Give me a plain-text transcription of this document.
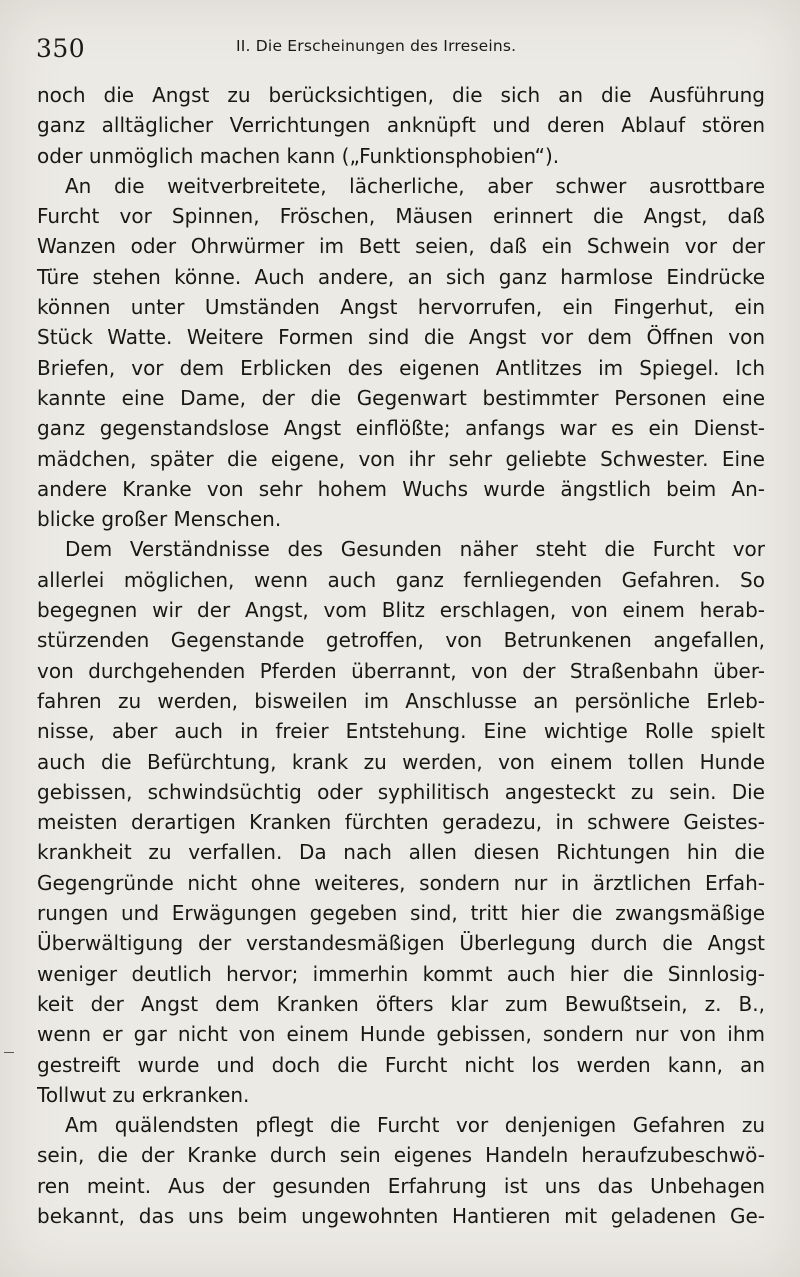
350	II. Die Erscheinungen des Irreseins.
noch die Angst zu berücksichtigen, die sich an die Ausführung
ganz alltäglicher Verrichtungen anknüpft und deren Ablauf stören
oder unmöglich machen kann („Funktionsphobien“).
An die weitverbreitete, lächerliche, aber schwer ausrottbare
Furcht vor Spinnen, Fröschen, Mäusen erinnert die Angst, daß
Wanzen oder Ohrwürmer im Bett seien, daß ein Schwein vor der
Türe stehen könne. Auch andere, an sich ganz harmlose Eindrücke
können unter Umständen Angst hervorrufen, ein Fingerhut, ein
Stück Watte. Weitere Formen sind die Angst vor dem Öffnen von
Briefen, vor dem Erblicken des eigenen Antlitzes im Spiegel. Ich
kannte eine Dame, der die Gegenwart bestimmter Personen eine
ganz gegenstandslose Angst einflößte; anfangs war es ein Dienst-
mädchen, später die eigene, von ihr sehr geliebte Schwester. Eine
andere Kranke von sehr hohem Wuchs wurde ängstlich beim An-
blicke großer Menschen.
Dem Verständnisse des Gesunden näher steht die Furcht vor
allerlei möglichen, wenn auch ganz fernliegenden Gefahren. So
begegnen wir der Angst, vom Blitz erschlagen, von einem herab-
stürzenden Gegenstande getroffen, von Betrunkenen angefallen,
von durchgehenden Pferden überrannt, von der Straßenbahn über-
fahren zu werden, bisweilen im Anschlusse an persönliche Erleb-
nisse, aber auch in freier Entstehung. Eine wichtige Rolle spielt
auch die Befürchtung, krank zu werden, von einem tollen Hunde
gebissen, schwindsüchtig oder syphilitisch angesteckt zu sein. Die
meisten derartigen Kranken fürchten geradezu, in schwere Geistes-
krankheit zu verfallen. Da nach allen diesen Richtungen hin die
Gegengründe nicht ohne weiteres, sondern nur in ärztlichen Erfah-
rungen und Erwägungen gegeben sind, tritt hier die zwangsmäßige
Überwältigung der verstandesmäßigen Überlegung durch die Angst
weniger deutlich hervor; immerhin kommt auch hier die Sinnlosig-
keit der Angst dem Kranken öfters klar zum Bewußtsein, z. B.,
wenn er gar nicht von einem Hunde gebissen, sondern nur von ihm
gestreift wurde und doch die Furcht nicht los werden kann, an
Tollwut zu erkranken.
Am quälendsten pflegt die Furcht vor denjenigen Gefahren zu
sein, die der Kranke durch sein eigenes Handeln heraufzubeschwö-
ren meint. Aus der gesunden Erfahrung ist uns das Unbehagen
bekannt, das uns beim ungewohnten Hantieren mit geladenen Ge-
